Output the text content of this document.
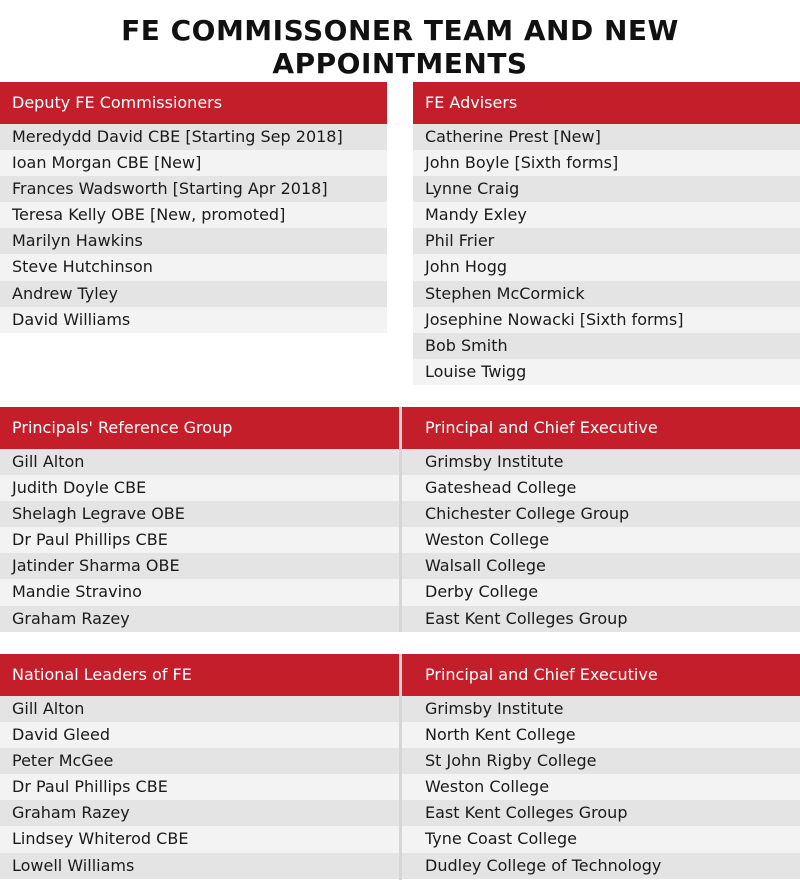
FE COMMISSONER TEAM AND NEW APPOINTMENTS
Deputy FE Commissioners
Meredydd David CBE [Starting Sep 2018]
Ioan Morgan CBE [New]
Frances Wadsworth [Starting Apr 2018]
Teresa Kelly OBE [New, promoted]
Marilyn Hawkins
Steve Hutchinson
Andrew Tyley
David Williams
FE Advisers
Catherine Prest [New]
John Boyle [Sixth forms]
Lynne Craig
Mandy Exley
Phil Frier
John Hogg
Stephen McCormick
Josephine Nowacki [Sixth forms]
Bob Smith
Louise Twigg
Principals' Reference Group
Gill Alton
Judith Doyle CBE
Shelagh Legrave OBE
Dr Paul Phillips CBE
Jatinder Sharma OBE
Mandie Stravino
Graham Razey
Principal and Chief Executive
Grimsby Institute
Gateshead College
Chichester College Group
Weston College
Walsall College
Derby College
East Kent Colleges Group
National Leaders of FE
Gill Alton
David Gleed
Peter McGee
Dr Paul Phillips CBE
Graham Razey
Lindsey Whiterod CBE
Lowell Williams
Principal and Chief Executive
Grimsby Institute
North Kent College
St John Rigby College
Weston College
East Kent Colleges Group
Tyne Coast College
Dudley College of Technology
